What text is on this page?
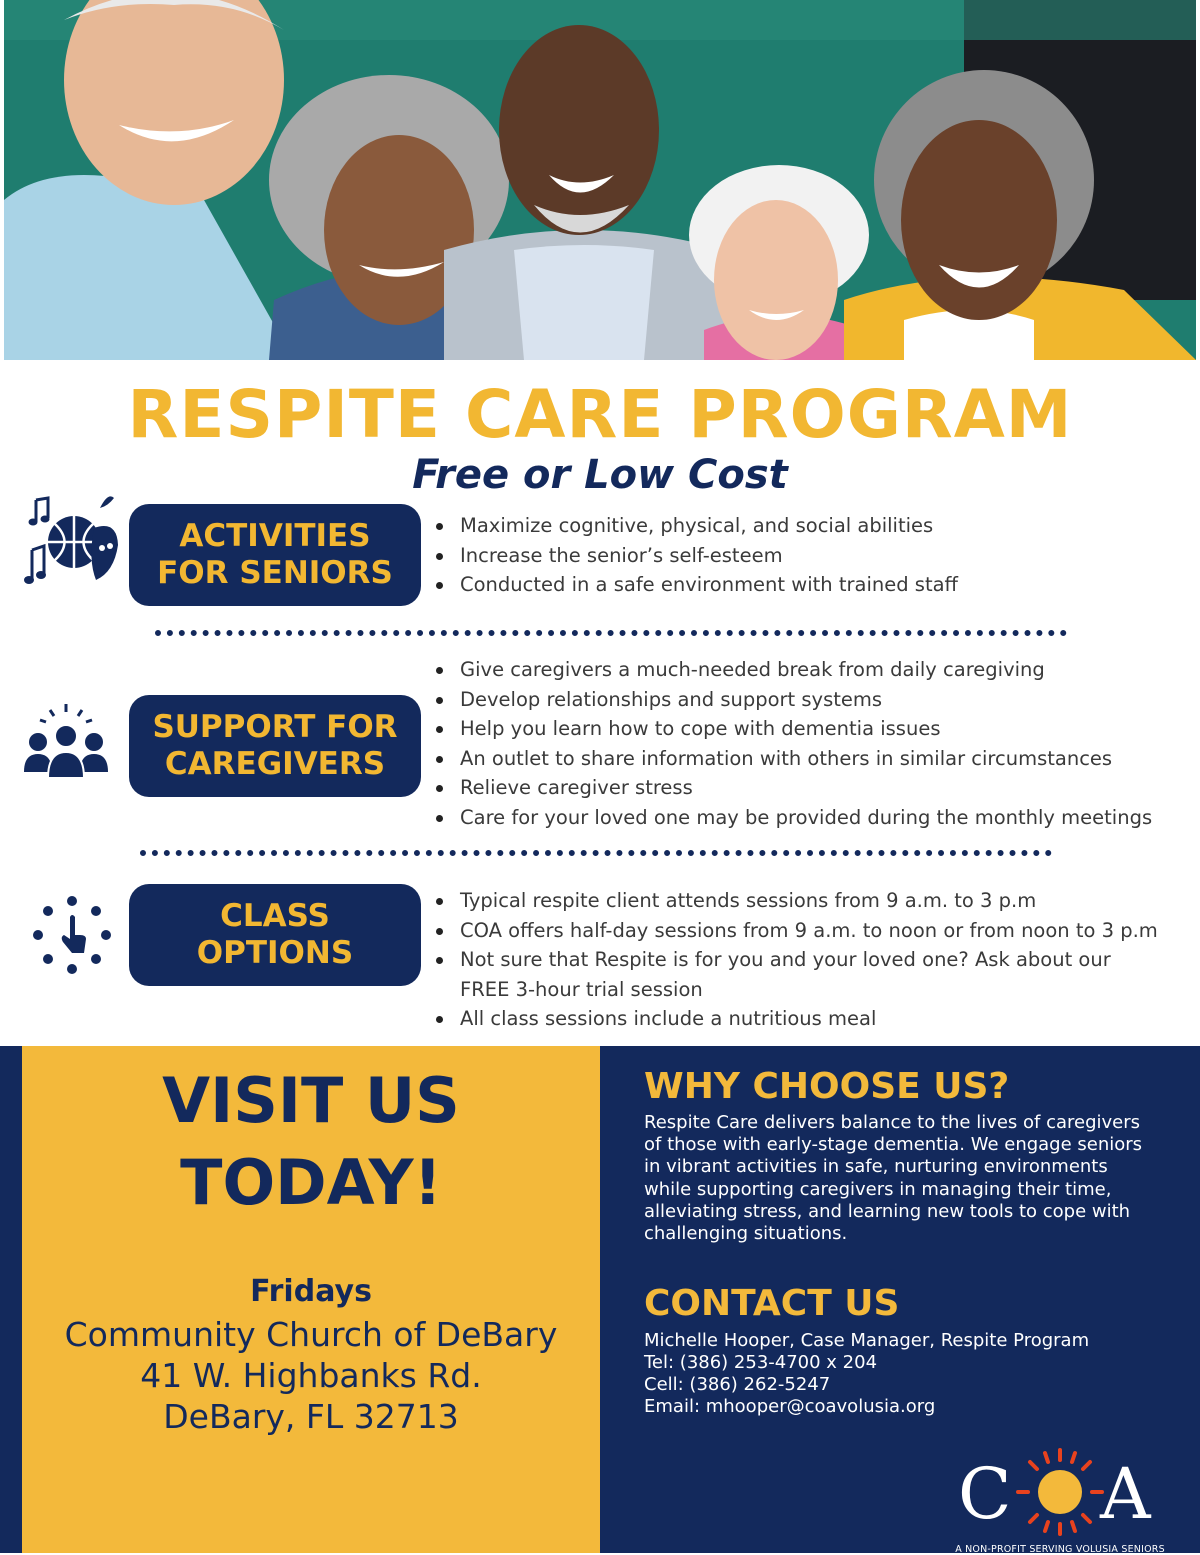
RESPITE CARE PROGRAM
Free or Low Cost
ACTIVITIES
FOR SENIORS
Maximize cognitive, physical, and social abilities
Increase the senior’s self-esteem
Conducted in a safe environment with trained staff
SUPPORT FOR
CAREGIVERS
Give caregivers a much-needed break from daily caregiving
Develop relationships and support systems
Help you learn how to cope with dementia issues
An outlet to share information with others in similar circumstances
Relieve caregiver stress
Care for your loved one may be provided during the monthly meetings
CLASS
OPTIONS
Typical respite client attends sessions from 9 a.m. to 3 p.m
COA offers half-day sessions from 9 a.m. to noon or from noon to 3 p.m
Not sure that Respite is for you and your loved one? Ask about our FREE 3-hour trial session
All class sessions include a nutritious meal
VISIT US
TODAY!
Fridays
Community Church of DeBary
41 W. Highbanks Rd.
DeBary, FL 32713
WHY CHOOSE US?
Respite Care delivers balance to the lives of caregivers of those with early-stage dementia. We engage seniors in vibrant activities in safe, nurturing environments while supporting caregivers in managing their time, alleviating stress, and learning new tools to cope with challenging situations.
CONTACT US
Michelle Hooper, Case Manager, Respite Program
Tel: (386) 253-4700 x 204
Cell: (386) 262-5247
Email: mhooper@coavolusia.org
C A
A NON-PROFIT SERVING VOLUSIA SENIORS
